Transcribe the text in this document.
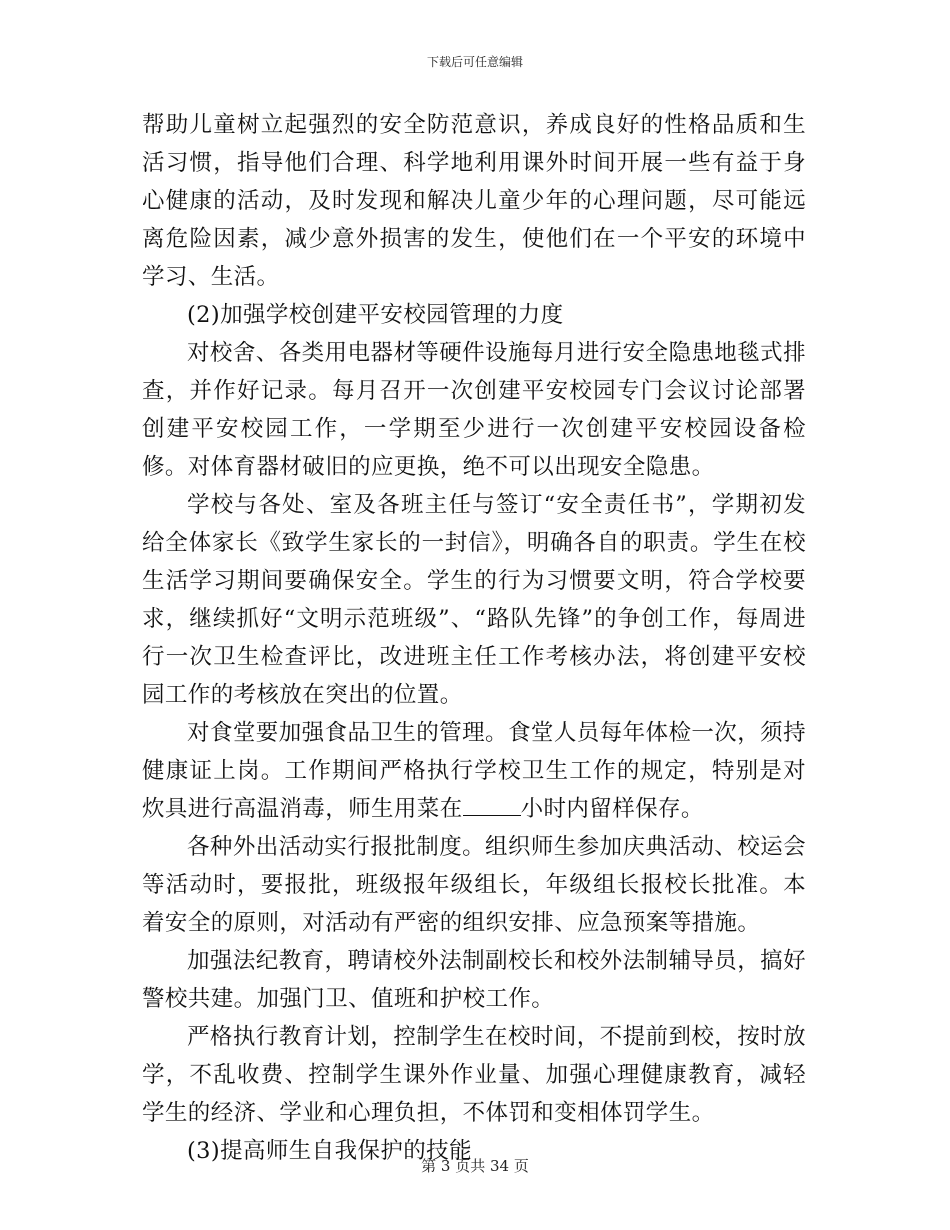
下载后可任意编辑

帮助儿童树立起强烈的安全防范意识，养成良好的性格品质和生活习惯，指导他们合理、科学地利用课外时间开展一些有益于身心健康的活动，及时发现和解决儿童少年的心理问题，尽可能远离危险因素，减少意外损害的发生，使他们在一个平安的环境中学习、生活。

(2)加强学校创建平安校园管理的力度

对校舍、各类用电器材等硬件设施每月进行安全隐患地毯式排查，并作好记录。每月召开一次创建平安校园专门会议讨论部署创建平安校园工作，一学期至少进行一次创建平安校园设备检修。对体育器材破旧的应更换，绝不可以出现安全隐患。

学校与各处、室及各班主任与签订“安全责任书”，学期初发给全体家长《致学生家长的一封信》，明确各自的职责。学生在校生活学习期间要确保安全。学生的行为习惯要文明，符合学校要求，继续抓好“文明示范班级”、“路队先锋”的争创工作，每周进行一次卫生检查评比，改进班主任工作考核办法，将创建平安校园工作的考核放在突出的位置。

对食堂要加强食品卫生的管理。食堂人员每年体检一次，须持健康证上岗。工作期间严格执行学校卫生工作的规定，特别是对炊具进行高温消毒，师生用菜在	小时内留样保存。

各种外出活动实行报批制度。组织师生参加庆典活动、校运会等活动时，要报批，班级报年级组长，年级组长报校长批准。本着安全的原则，对活动有严密的组织安排、应急预案等措施。

加强法纪教育，聘请校外法制副校长和校外法制辅导员，搞好警校共建。加强门卫、值班和护校工作。

严格执行教育计划，控制学生在校时间，不提前到校，按时放学，不乱收费、控制学生课外作业量、加强心理健康教育，减轻学生的经济、学业和心理负担，不体罚和变相体罚学生。

(3)提高师生自我保护的技能

第 3 页共 34 页
